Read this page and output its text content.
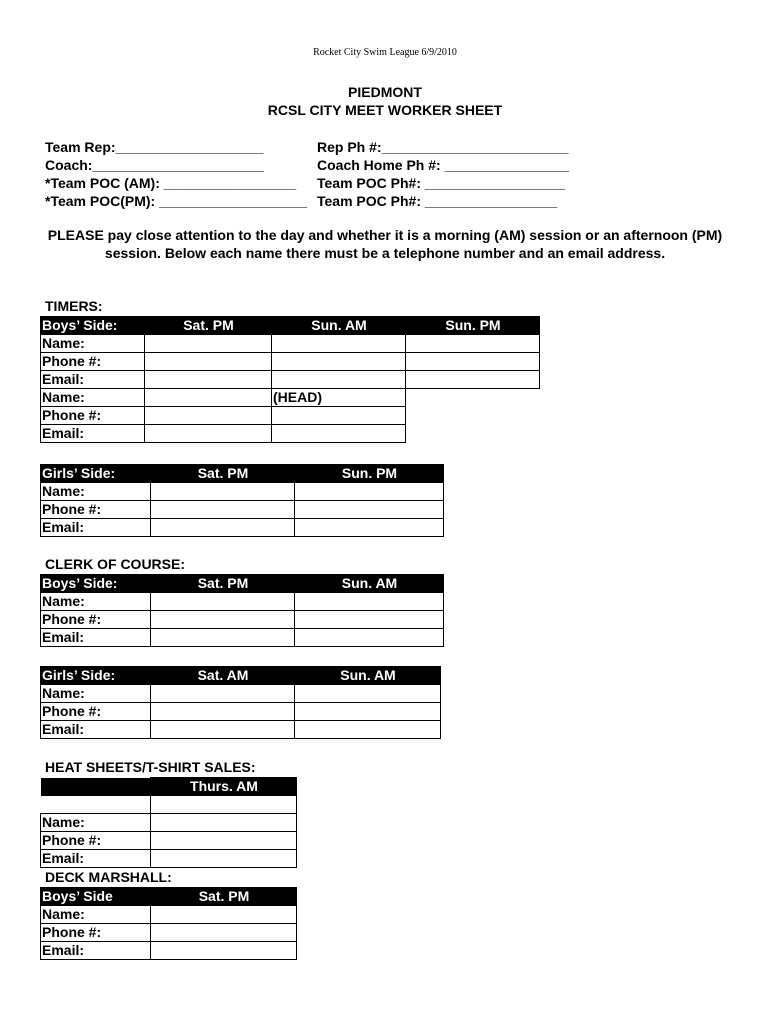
Rocket City Swim League 6/9/2010
PIEDMONT
RCSL CITY MEET WORKER SHEET
Team Rep:___________________
Coach:______________________
*Team POC (AM): _________________
*Team POC(PM): ___________________
Rep Ph #:________________________
Coach Home Ph #: ________________
Team POC Ph#: __________________
Team POC Ph#: _________________
PLEASE pay close attention to the day and whether it is a morning (AM) session or an afternoon (PM) session. Below each name there must be a telephone number and an email address.
TIMERS:
Boys’ Side:	Sat. PM	Sun. AM	Sun. PM
Name:			
Phone #:			
Email:			
Name:		(HEAD)	
Phone #:			
Email:			
Girls’ Side:	Sat. PM	Sun. PM
Name:		
Phone #:		
Email:		
CLERK OF COURSE:
Boys’ Side:	Sat. PM	Sun. AM
Name:		
Phone #:		
Email:		
Girls’ Side:	Sat. AM	Sun. AM
Name:		
Phone #:		
Email:		
HEAT SHEETS/T-SHIRT SALES:
	Thurs. AM

Name:	
Phone #:	
Email:	
DECK MARSHALL:
Boys’ Side	Sat. PM
Name:	
Phone #:	
Email:	
